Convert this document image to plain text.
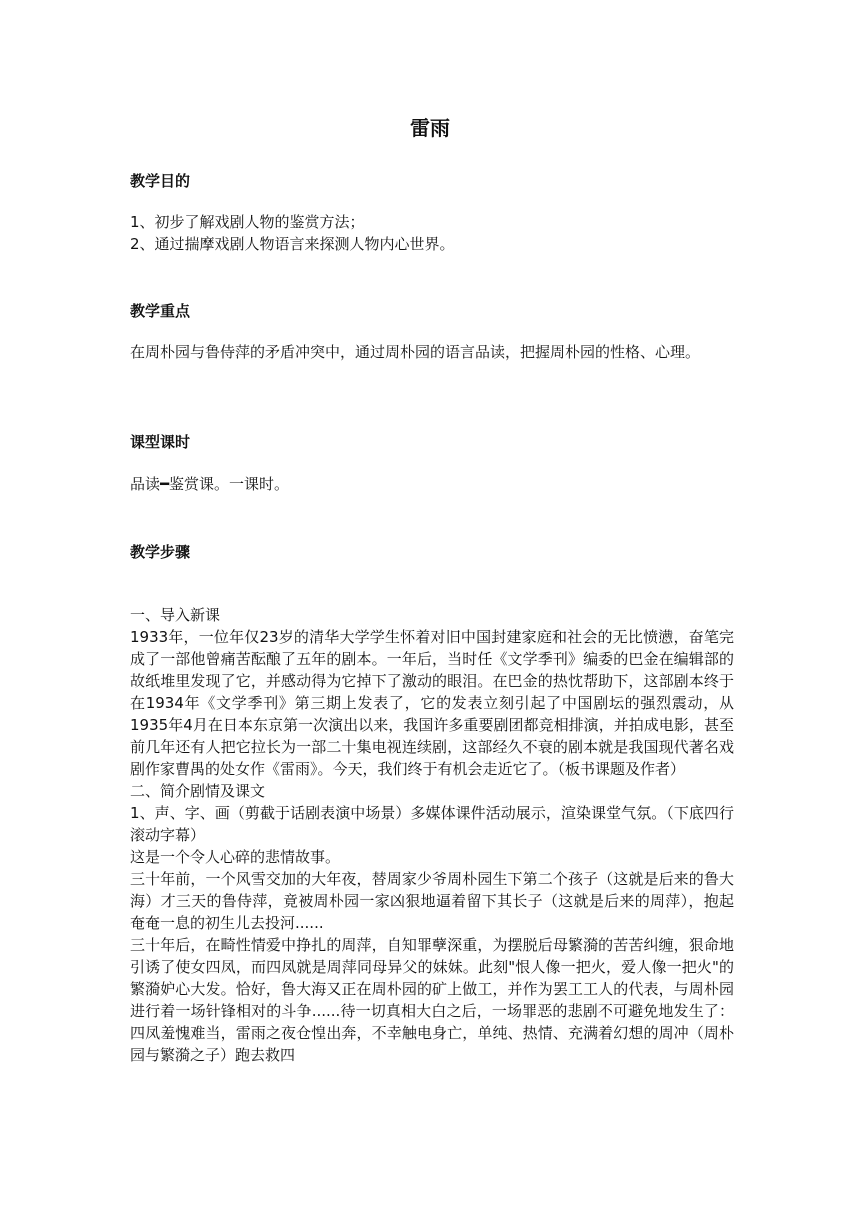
雷雨
教学目的

1、初步了解戏剧人物的鉴赏方法；

2、通过揣摩戏剧人物语言来探测人物内心世界。

教学重点

在周朴园与鲁侍萍的矛盾冲突中，通过周朴园的语言品读，把握周朴园的性格、心理。

课型课时

品读━鉴赏课。一课时。

教学步骤

一、导入新课

1933年，一位年仅23岁的清华大学学生怀着对旧中国封建家庭和社会的无比愤懑，奋笔完成了一部他曾痛苦酝酿了五年的剧本。一年后，当时任《文学季刊》编委的巴金在编辑部的故纸堆里发现了它，并感动得为它掉下了激动的眼泪。在巴金的热忱帮助下，这部剧本终于在1934年《文学季刊》第三期上发表了，它的发表立刻引起了中国剧坛的强烈震动，从1935年4月在日本东京第一次演出以来，我国许多重要剧团都竞相排演，并拍成电影，甚至前几年还有人把它拉长为一部二十集电视连续剧，这部经久不衰的剧本就是我国现代著名戏剧作家曹禺的处女作《雷雨》。今天，我们终于有机会走近它了。（板书课题及作者）

二、简介剧情及课文

1、声、字、画（剪截于话剧表演中场景）多媒体课件活动展示，渲染课堂气氛。（下底四行滚动字幕）

这是一个令人心碎的悲情故事。

三十年前，一个风雪交加的大年夜，替周家少爷周朴园生下第二个孩子（这就是后来的鲁大海）才三天的鲁侍萍，竟被周朴园一家凶狠地逼着留下其长子（这就是后来的周萍），抱起奄奄一息的初生儿去投河......

三十年后，在畸性情爱中挣扎的周萍，自知罪孽深重，为摆脱后母繁漪的苦苦纠缠，狠命地引诱了使女四凤，而四凤就是周萍同母异父的妹妹。此刻"恨人像一把火，爱人像一把火"的繁漪妒心大发。恰好，鲁大海又正在周朴园的矿上做工，并作为罢工工人的代表，与周朴园进行着一场针锋相对的斗争......待一切真相大白之后，一场罪恶的悲剧不可避免地发生了：四凤羞愧难当，雷雨之夜仓惶出奔，不幸触电身亡，单纯、热情、充满着幻想的周冲（周朴园与繁漪之子）跑去救四
